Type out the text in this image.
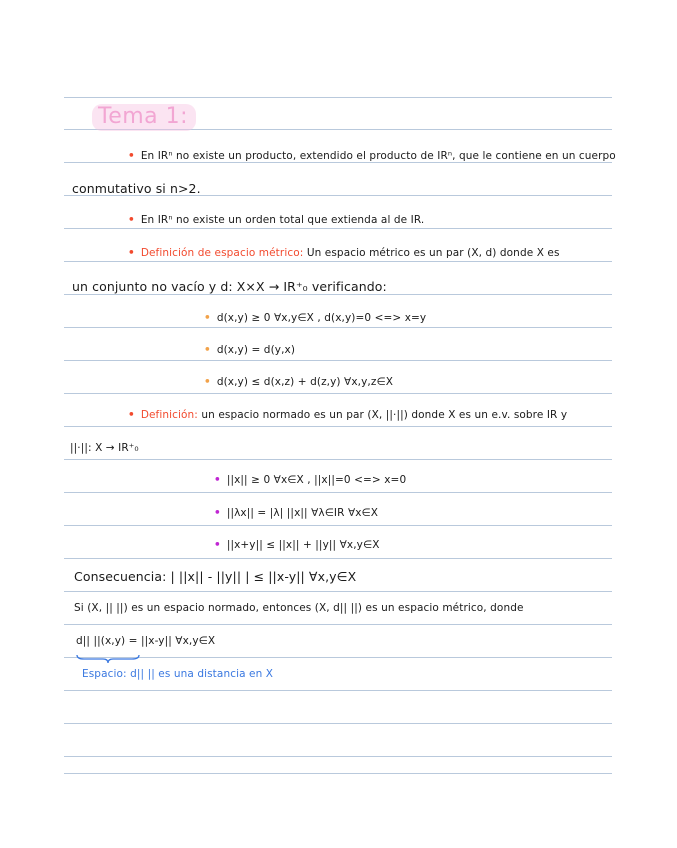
Tema 1:
• En IRⁿ no existe un producto, extendido el producto de IRⁿ, que le contiene en un cuerpo
conmutativo si n>2.
• En IRⁿ no existe un orden total que extienda al de IR.
• Definición de espacio métrico: Un espacio métrico es un par (X, d) donde X es
un conjunto no vacío y d: X×X → IR⁺₀ verificando:
• d(x,y) ≥ 0 ∀x,y∈X , d(x,y)=0 <=> x=y
• d(x,y) = d(y,x)
• d(x,y) ≤ d(x,z) + d(z,y) ∀x,y,z∈X
• Definición: un espacio normado es un par (X, ||·||) donde X es un e.v. sobre IR y
||·||: X → IR⁺₀
• ||x|| ≥ 0 ∀x∈X , ||x||=0 <=> x=0
• ||λx|| = |λ| ||x|| ∀λ∈IR ∀x∈X
• ||x+y|| ≤ ||x|| + ||y|| ∀x,y∈X
Consecuencia: | ||x|| - ||y|| | ≤ ||x-y|| ∀x,y∈X
Si (X, || ||) es un espacio normado, entonces (X, d|| ||) es un espacio métrico, donde
d|| ||(x,y) = ||x-y|| ∀x,y∈X
Espacio: d|| || es una distancia en X
